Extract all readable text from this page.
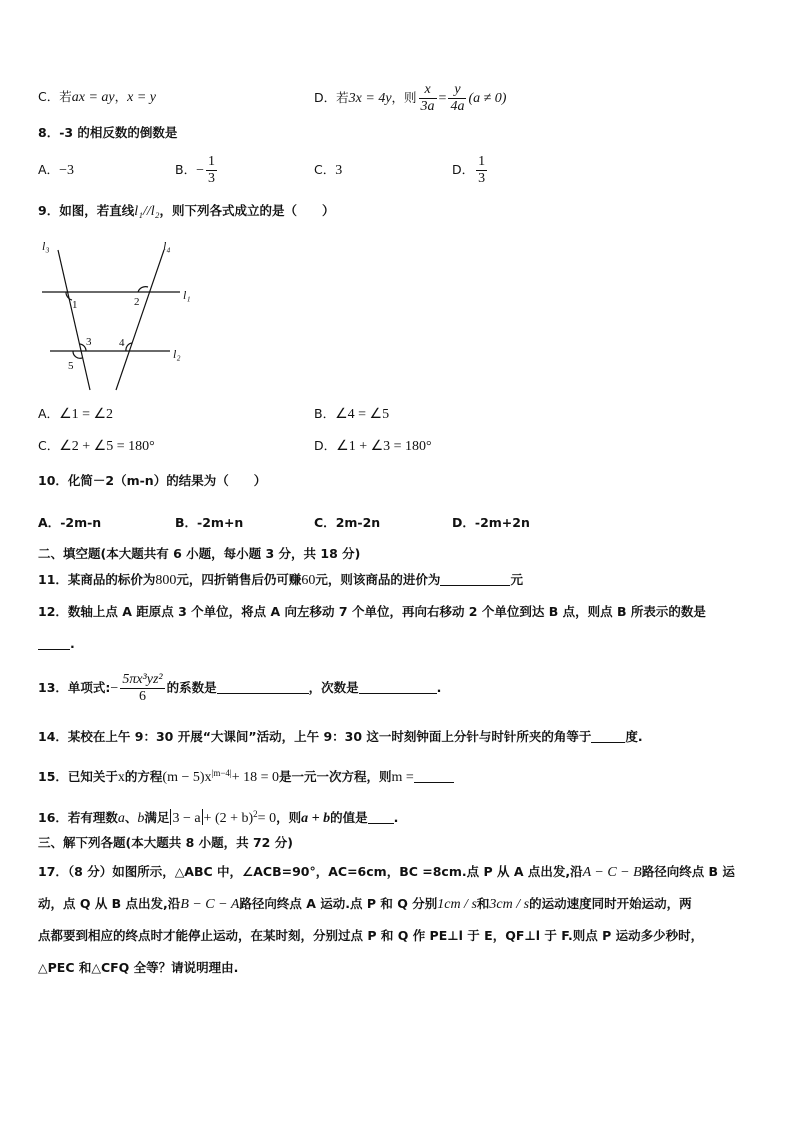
C．若ax = ay，x = y	D．若3x = 4y，则 $\frac{x}{3a} = \frac{y}{4a} (a \ne 0)$
8．-3 的相反数的倒数是
A．−3	B．− $\frac{1}{3}$	C．3	D． $\frac{1}{3}$
9．如图，若直线l₁//l₂，则下列各式成立的是（　　）
l₃	l₄
l₁
l₂
1	2
3	4
5
A．∠1 = ∠2	B．∠4 = ∠5
C．∠2 + ∠5 = 180°	D．∠1 + ∠3 = 180°
10．化简－2（m-n）的结果为（　　）
A．-2m-n	B．-2m+n	C．2m-2n	D．-2m+2n
二、填空题(本大题共有 6 小题，每小题 3 分，共 18 分)
11．某商品的标价为800元，四折销售后仍可赚60元，则该商品的进价为	元
12．数轴上点 A 距原点 3 个单位，将点 A 向左移动 7 个单位，再向右移动 2 个单位到达 B 点，则点 B 所表示的数是
.
13．单项式:− $\frac{\text{5πx³yz²}}{6}$ 的系数是	，次数是	.
14．某校在上午 9：30 开展“大课间”活动，上午 9：30 这一时刻钟面上分针与时针所夹的角等于	度.
15．已知关于x的方程$(m - 5)x^{|m-4|}+ 18 = 0$是一元一次方程，则m =
16．若有理数a、b满足 $3 - a + (2 + b)^2= 0$，则a + b的值是 .
三、解下列各题(本大题共 8 小题，共 72 分)
17．（8 分）如图所示，△ABC 中，∠ACB=90°，AC=6cm，BC =8cm.点 P 从 A 点出发,沿A − C − B路径向终点 B 运
动，点 Q 从 B 点出发,沿B − C − A路径向终点 A 运动.点 P 和 Q 分别1cm / s和3cm / s的运动速度同时开始运动，两
点都要到相应的终点时才能停止运动，在某时刻，分别过点 P 和 Q 作 PE⊥l 于 E，QF⊥l 于 F.则点 P 运动多少秒时，
△PEC 和△CFQ 全等？请说明理由.
